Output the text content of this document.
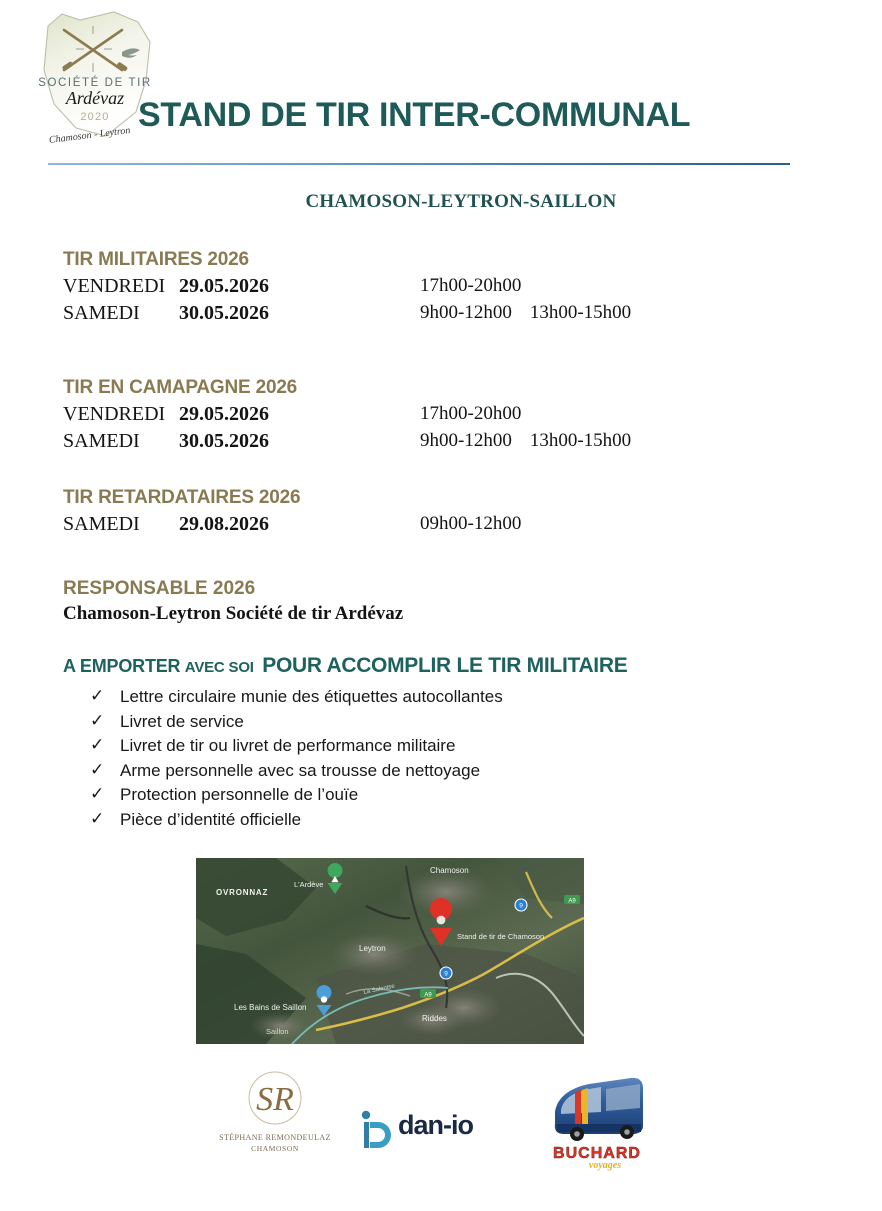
SOCIÉTÉ DE TIR
Ardévaz
2020
Chamoson - Leytron
STAND DE TIR INTER-COMMUNAL
CHAMOSON-LEYTRON-SAILLON
TIR MILITAIRES 2026
VENDREDI 29.05.2026	17h00-20h00
SAMEDI 30.05.2026	9h00-12h00 13h00-15h00
TIR EN CAMAPAGNE 2026
VENDREDI 29.05.2026	17h00-20h00
SAMEDI 30.05.2026	9h00-12h00 13h00-15h00
TIR RETARDATAIRES 2026
SAMEDI 29.08.2026	09h00-12h00
RESPONSABLE 2026
Chamoson-Leytron Société de tir Ardévaz
A EMPORTER AVEC SOI POUR ACCOMPLIR LE TIR MILITAIRE
✓ Lettre circulaire munie des étiquettes autocollantes
✓ Livret de service
✓ Livret de tir ou livret de performance militaire
✓ Arme personnelle avec sa trousse de nettoyage
✓ Protection personnelle de l’ouïe
✓ Pièce d’identité officielle
A9
A9
9
9
OVRONNAZ
L'Ardève
Chamoson
Leytron
Stand de tir de Chamoson
Les Bains de Saillon
Saillon
Riddes
La Salentse
SR
STÉPHANE REMONDEULAZ
CHAMOSON
dan-io
BUCHARD
voyages
